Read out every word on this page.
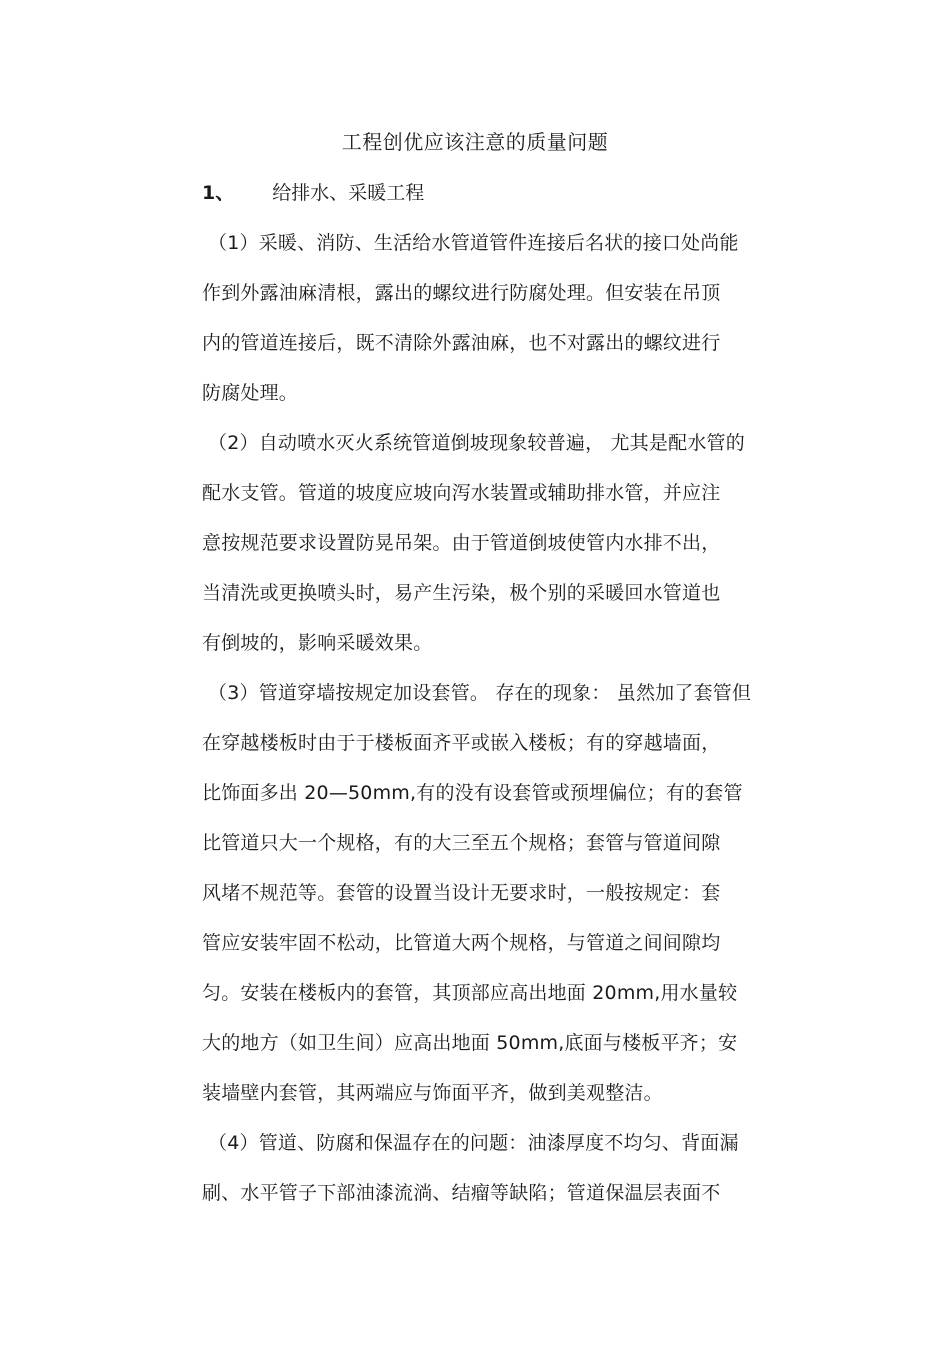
工程创优应该注意的质量问题
1、 给排水、采暖工程
（1）采暖、消防、生活给水管道管件连接后名状的接口处尚能
作到外露油麻清根，露出的螺纹进行防腐处理。但安装在吊顶
内的管道连接后，既不清除外露油麻，也不对露出的螺纹进行
防腐处理。
（2）自动喷水灭火系统管道倒坡现象较普遍， 尤其是配水管的
配水支管。管道的坡度应坡向泻水装置或辅助排水管，并应注
意按规范要求设置防晃吊架。由于管道倒坡使管内水排不出，
当清洗或更换喷头时，易产生污染，极个别的采暖回水管道也
有倒坡的，影响采暖效果。
（3）管道穿墙按规定加设套管。 存在的现象： 虽然加了套管但
在穿越楼板时由于于楼板面齐平或嵌入楼板；有的穿越墙面，
比饰面多出 20—50mm,有的没有设套管或预埋偏位；有的套管
比管道只大一个规格，有的大三至五个规格；套管与管道间隙
风堵不规范等。套管的设置当设计无要求时，一般按规定：套
管应安装牢固不松动，比管道大两个规格，与管道之间间隙均
匀。安装在楼板内的套管，其顶部应高出地面 20mm,用水量较
大的地方（如卫生间）应高出地面 50mm,底面与楼板平齐；安
装墙壁内套管，其两端应与饰面平齐，做到美观整洁。
（4）管道、防腐和保温存在的问题：油漆厚度不均匀、背面漏
刷、水平管子下部油漆流淌、结瘤等缺陷；管道保温层表面不
